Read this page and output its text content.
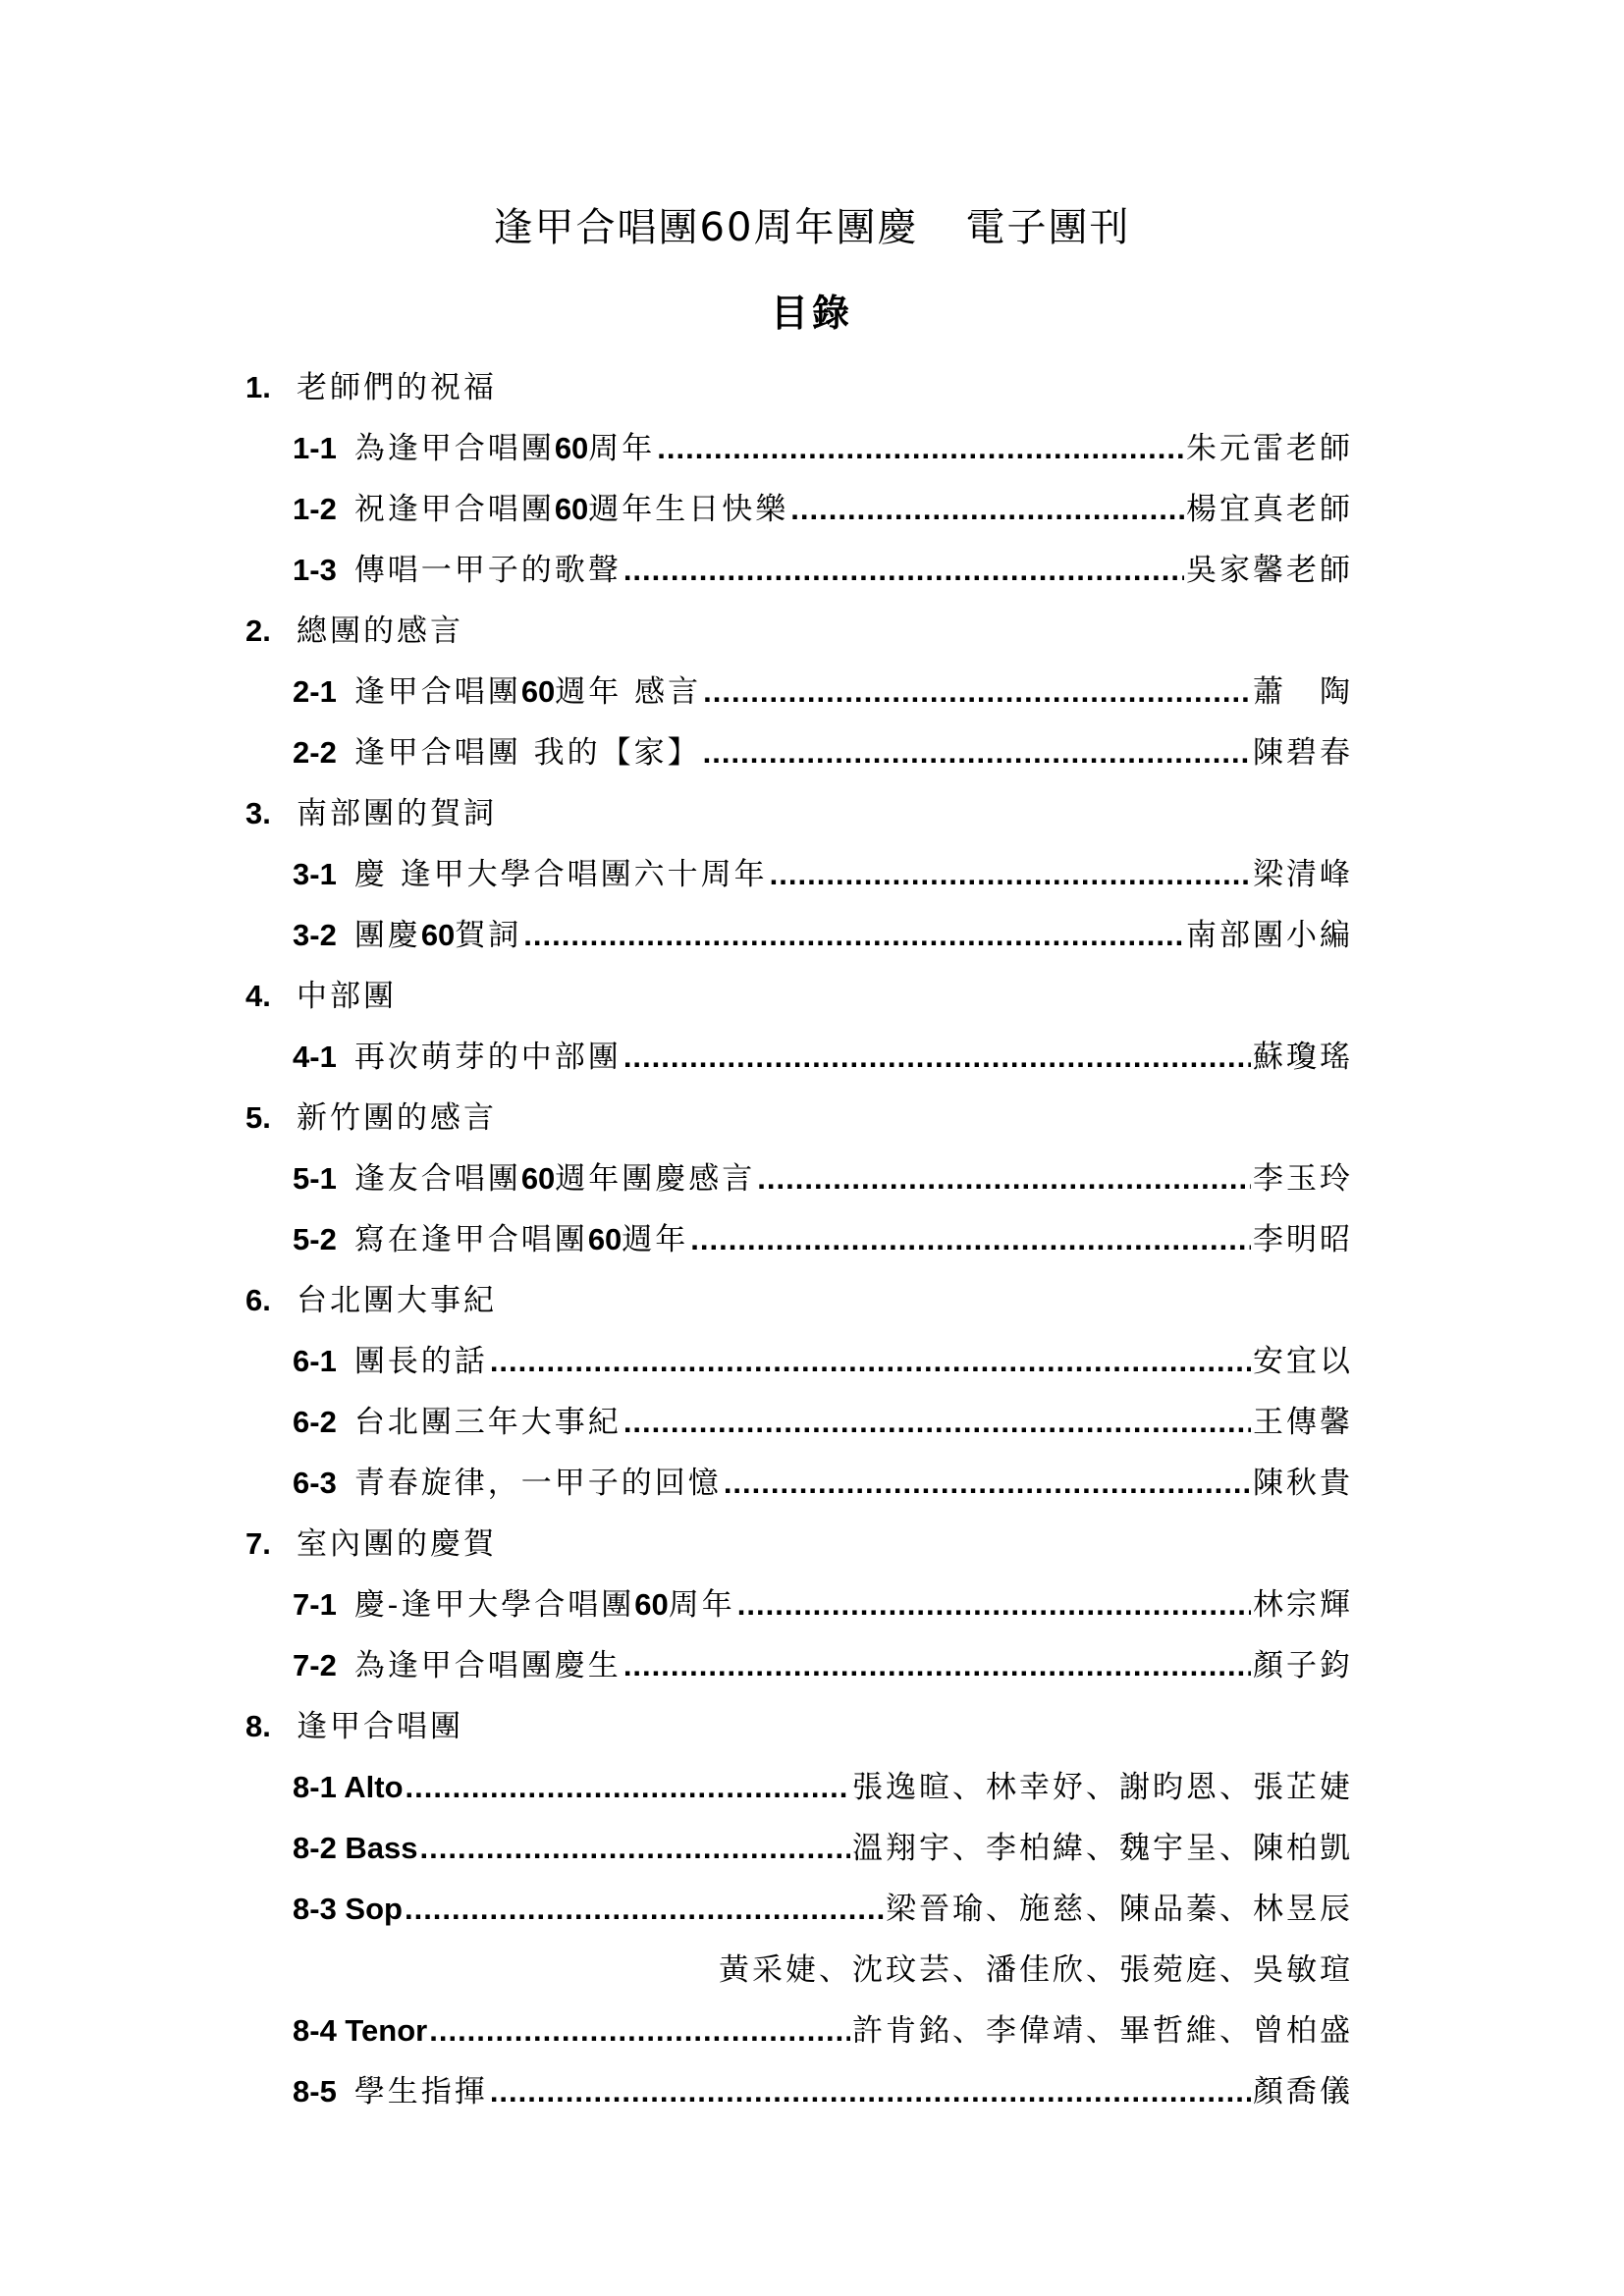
逢甲合唱團60周年團慶 電子團刊
目錄
1. 老師們的祝福
1-1 為逢甲合唱團60周年 .....	朱元雷老師
1-2 祝逢甲合唱團60週年生日快樂 .....	楊宜真老師
1-3 傳唱一甲子的歌聲 .....	吳家馨老師
2. 總團的感言
2-1 逢甲合唱團60週年 感言 .....	蕭　陶
2-2 逢甲合唱團 我的【家】 .....	陳碧春
3. 南部團的賀詞
3-1 慶 逢甲大學合唱團六十周年 .....	梁清峰
3-2 團慶60賀詞 .....	南部團小編
4. 中部團
4-1 再次萌芽的中部團 .....	蘇瓊瑤
5. 新竹團的感言
5-1 逢友合唱團60週年團慶感言 .....	李玉玲
5-2 寫在逢甲合唱團60週年 .....	李明昭
6. 台北團大事紀
6-1 團長的話 .....	安宜以
6-2 台北團三年大事紀 .....	王傳馨
6-3 青春旋律，一甲子的回憶 .....	陳秋貴
7. 室內團的慶賀
7-1 慶-逢甲大學合唱團60周年 .....	林宗輝
7-2 為逢甲合唱團慶生 .....	顏子鈞
8. 逢甲合唱團
8-1 Alto .....	張逸暄、林幸妤、謝昀恩、張芷婕
8-2 Bass .....	溫翔宇、李柏緯、魏宇呈、陳柏凱
8-3 Sop .....	梁晉瑜、施慈、陳品蓁、林昱辰
黃采婕、沈玟芸、潘佳欣、張菀庭、吳敏瑄
8-4 Tenor .....	許肯銘、李偉靖、畢哲維、曾柏盛
8-5 學生指揮 .....	顏喬儀
